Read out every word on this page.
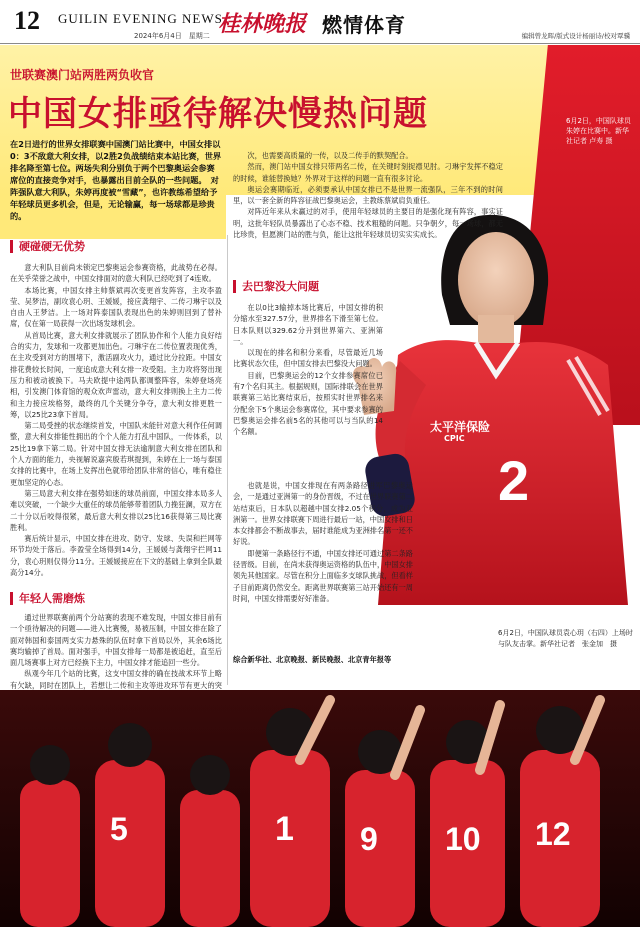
12 GUILIN EVENING NEWS
2024年6月4日　星期二 桂林晚报 燃情体育	编辑曾龙晖/版式设计杨丽诗/校对覃骥
世联赛澳门站两胜两负收官
中国女排亟待解决慢热问题
在2日进行的世界女排联赛中国澳门站比赛中，中国女排以0：3不敌意大利女排，以2胜2负战绩结束本站比赛，世界排名降至第七位。两场失利分别负于两个巴黎奥运会参赛席位的直接竞争对手，也暴露出目前全队的一些问题。　对阵强队意大利队，朱婷再度被“雪藏”，也许教练希望给予年轻球员更多机会，但是，无论输赢，每一场球都是珍贵的。
太平洋保险
CPIC
2
6月2日，中国队球员朱婷在比赛中。新华社记者 卢寿 摄
硬碰硬无优势
去巴黎没大问题
年轻人需磨炼

意大利队目前尚未锁定巴黎奥运会参赛资格，此战势在必得。在关乎荣誉之战中，中国女排面对的意大利队已经吃到了4连败。

本场比赛，中国女排主帅蔡斌再次变更首发阵容，主攻李盈莹、吴梦洁，副攻袁心玥、王媛媛，接应龚翔宇、二传刁琳宇以及自由人王梦洁。上一场对阵泰国队表现出色的朱婷则回到了替补席，仅在第一局获得一次出场发球机会。

从首局比赛，意大利女排就展示了团队协作和个人能力良好结合的实力，发球和一攻都更加出色。刁琳宇在二传位置表现优秀，在主攻受到对方的围堵下，激活副攻火力，通过比分拉距。中国女排花费较长时间，一度追成意大利女排一攻受阻。主力攻将努出现压力和被动被换下。马夫欧提中途两队都调整阵容，朱婷登场亮相，引发澳门体育馆的观众欢声雷动，意大利女排则换上主力二传和主力接应埃格努，最终的几个关键分争夺，意大利女排更胜一筹，以25比23拿下首局。

第二局受挫的状态继续首发，中国队未能针对意大利作任何调整，意大利女排能性拥出的个个人能力打乱中国队，一传体系，以25比19拿下第二局。针对中国女排无法逾制意大利女排在团队和个人方面的能力，央视解说嘉宾殷若琪提到，朱婷在上一场与泰国女排的比赛中，在场上发挥出色就带给团队非常的信心，唯有稳住更加坚定的心态。

第三局意大利女排在强势如迷的球员前面，中国女排本局多人难以突破，一个缺少大重任的球员能够带着团队力挽狂澜，双方在二十分以后咬得很紧，最后意大利女排以25比16获得第三局比赛胜利。

赛后统计显示，中国女排在进攻、防守、发球、失误和拦网等环节均处于落后。李盈莹全场得到14分，王媛媛与龚翔宇拦网11分，袁心玥则仅得分11分。王媛媛接应在下文的基础上拿到全队最高分14分。

通过世界联赛前两个分站赛的表现不难发现，中国女排目前有一个亟待解决的问题——进入比赛慢，易被压制，中国女排在除了面对韩国和泰国两支实力悬殊的队伍时拿下首局以外，其余6场比赛均输掉了首局。面对强手，中国女排每一局都是被追赶，直至后面几场赛事上对方已经换下主力，中国女排才能追回一些分。

纵观今年几个站的比赛，这支中国女排的确在技战术环节上略有欠缺，同时在团队上，若想让二传和主攻等进攻环节有更大的突

次，也需要高质量的一传，以及二传手的默契配合。

然而，澳门站中国女排只带两名二传，在关键时刻捉襟见肘。刁琳宇发挥不稳定的时候，谁能替换她？外界对于这样的问题一直有很多讨论。

奥运会赛期临近，必须要承认中国女排已不是世界一流强队，三年不到的时间里，以一套全新的阵容征战巴黎奥运会，主教练蔡斌肩负重任。

对阵近年来从未赢过的对手，使用年轻球员的主要目的是强化现有阵容，事实证明，这批年轻队员暴露出了心态不稳、技术粗糙的问题。只争朝夕，每一场球，都无比珍贵，但愿澳门站的胜与负，能让这批年轻球员切实实实成长。

在以0比3输掉本场比赛后，中国女排的积分缩水至327.57分，世界排名下滑至第七位。日本队则以329.62分升到世界第六、亚洲第一。

以现在的排名和积分来看，尽管最近几场比赛状态欠佳，但中国女排去巴黎没大问题。

目前，巴黎奥运会的12个女排参赛席位已有7个名归其主。根据规则，国际排联会在世界联赛第三站比赛结束后，按照实时世界排名来分配余下5个奥运会参赛席位，其中要求参赛的巴黎奥运会排名前5名的其他可以与当队的14个名额。

也就是说，中国女排现在有两条路径进军巴黎奥运会，一是通过亚洲第一的身份晋级，不过在世界联赛第二站结束后，日本队以超越中国女排2.05个积分，成为亚洲第一。世界女排联赛下周进行最后一站，中国女排和日本女排都会不断战事去，届时谁能成为亚洲排名第一还不好说。

即便第一条路径行不通，中国女排还可通过第二条路径晋级。目前，在尚未获得奥运资格的队伍中，中国女排领先其他国家。尽管在积分上面临多支球队挑战，但看样子目前距离仍然安全。距离世界联赛第三站开始还有一周时间，中国女排需要好好准备。

综合新华社、北京晚报、新民晚报、北京青年报等
6月2日，中国队球员袁心玥（右四）上场时与队友击掌。新华社记者　张金加　摄
5	1 9 10 12
